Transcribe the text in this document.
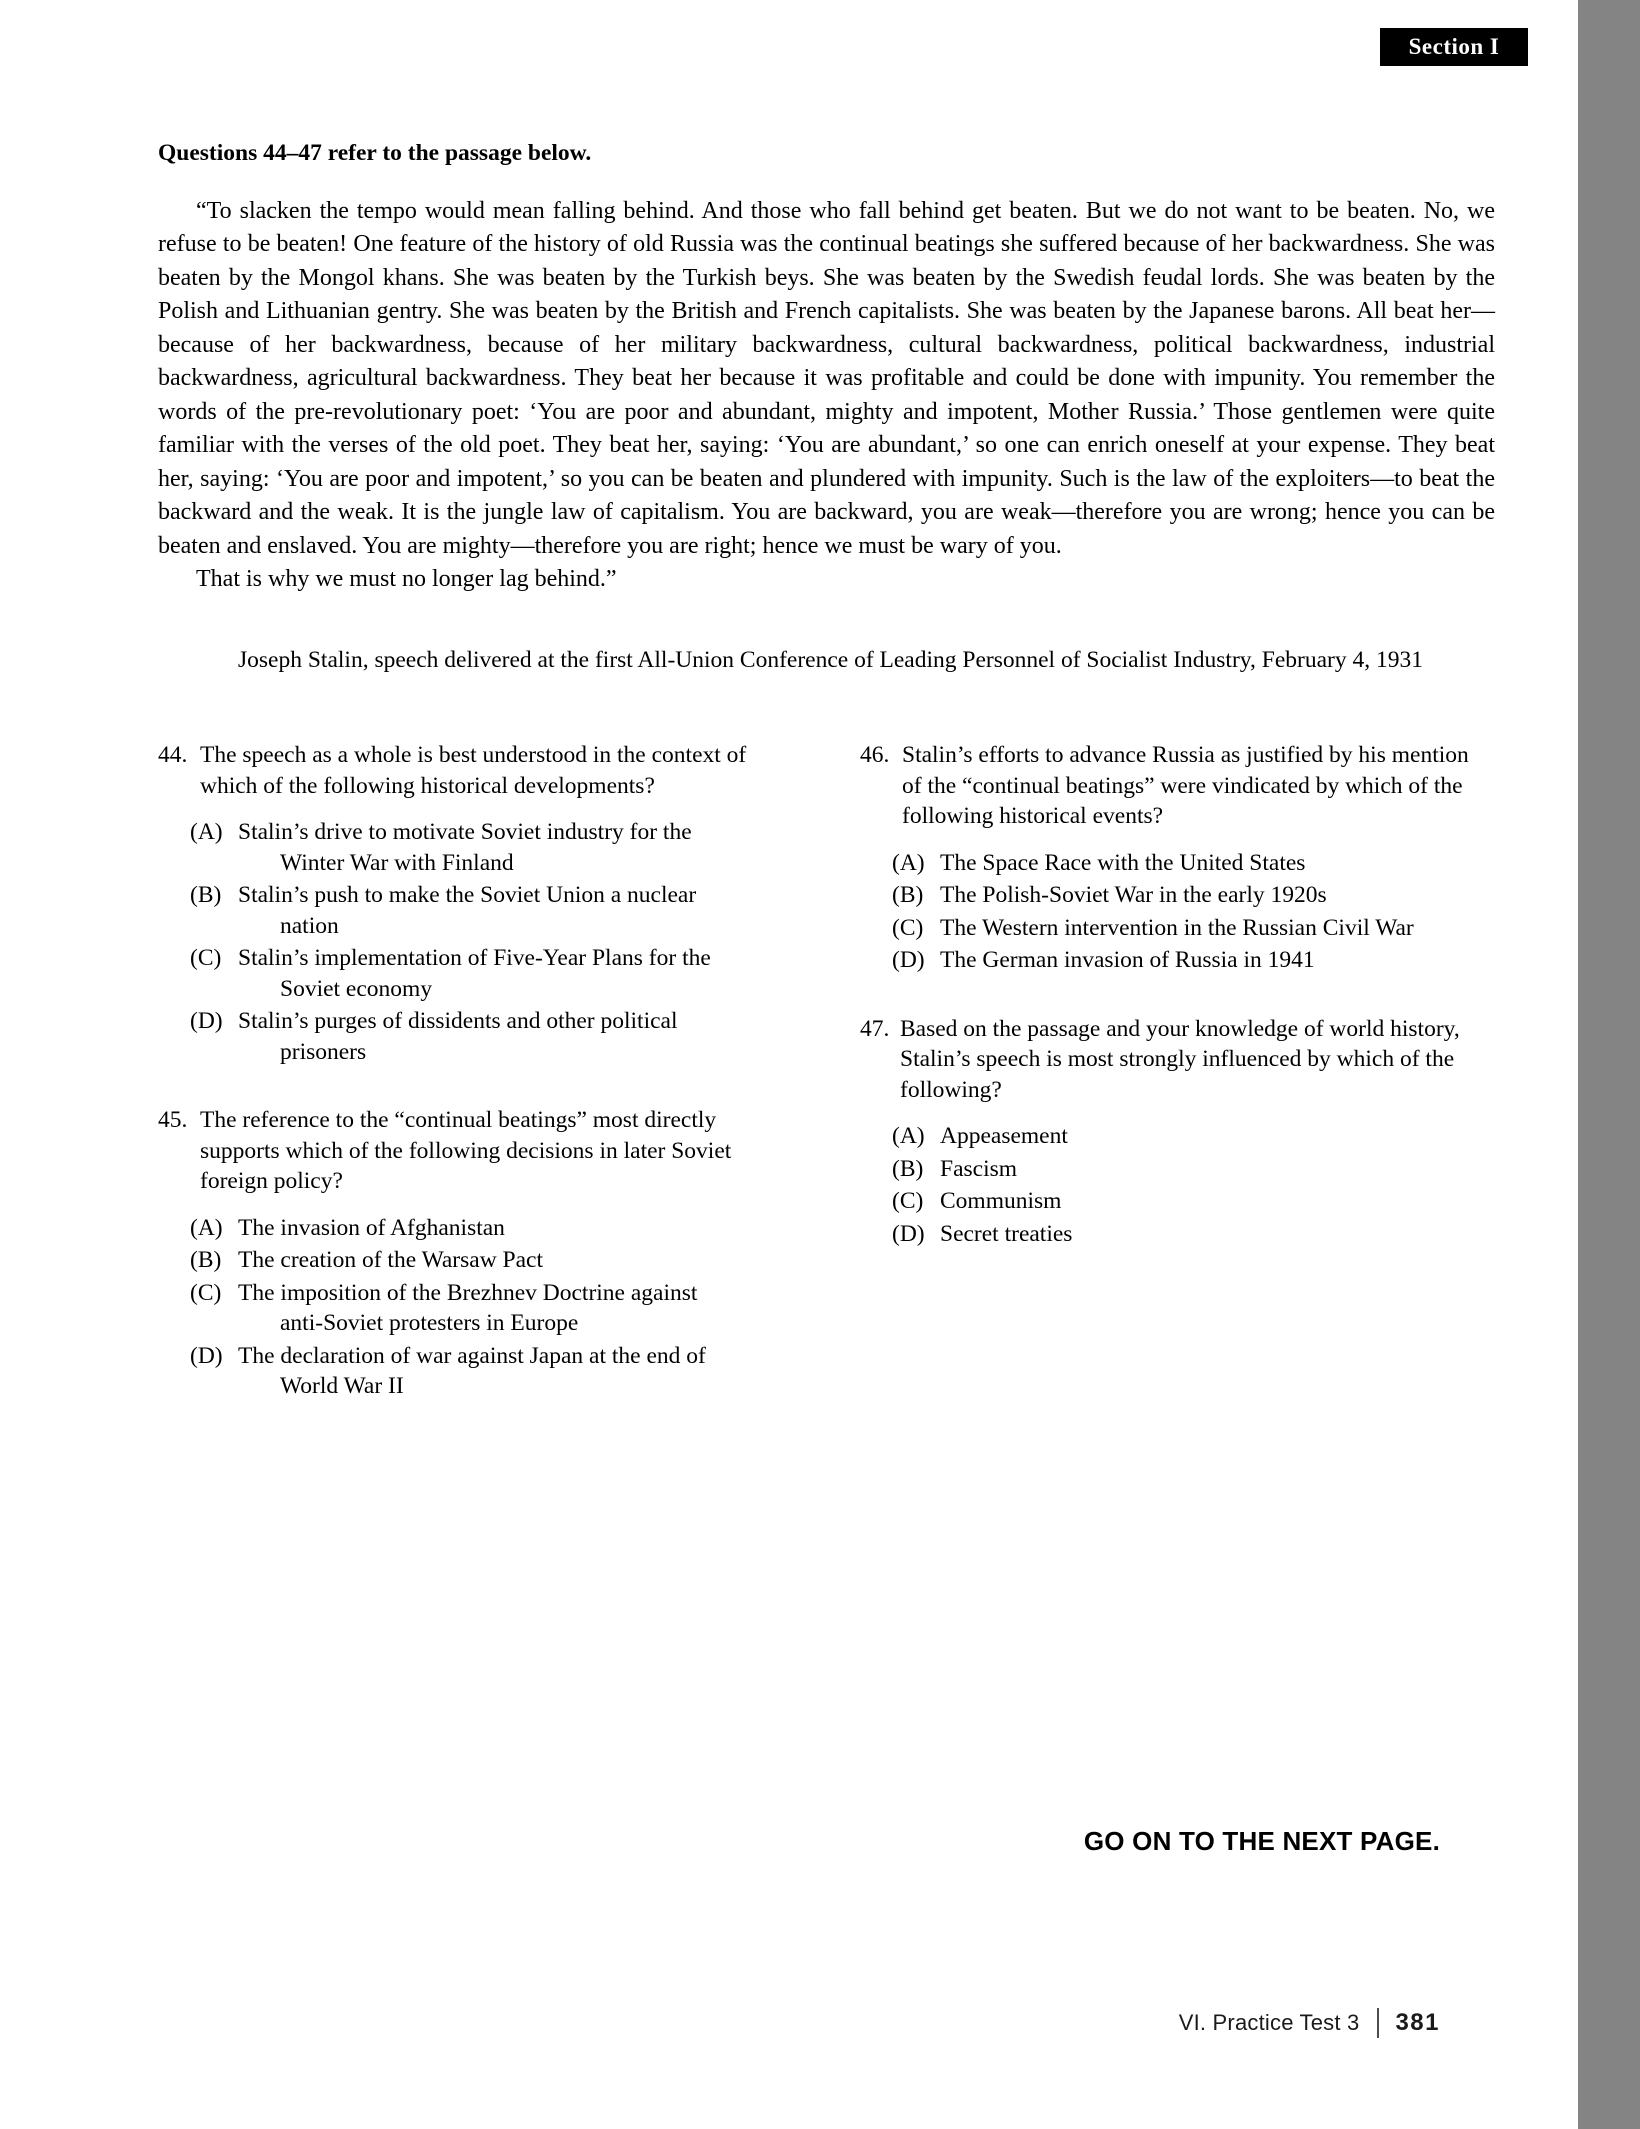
Section I
Questions 44–47 refer to the passage below.

“To slacken the tempo would mean falling behind. And those who fall behind get beaten. But we do not want to be beaten. No, we refuse to be beaten! One feature of the history of old Russia was the continual beatings she suffered because of her backwardness. She was beaten by the Mongol khans. She was beaten by the Turkish beys. She was beaten by the Swedish feudal lords. She was beaten by the Polish and Lithuanian gentry. She was beaten by the British and French capitalists. She was beaten by the Japanese barons. All beat her—because of her backwardness, because of her military backwardness, cultural backwardness, political backwardness, industrial backwardness, agricultural backwardness. They beat her because it was profitable and could be done with impunity. You remember the words of the pre-revolutionary poet: ‘You are poor and abundant, mighty and impotent, Mother Russia.’ Those gentlemen were quite familiar with the verses of the old poet. They beat her, saying: ‘You are abundant,’ so one can enrich oneself at your expense. They beat her, saying: ‘You are poor and impotent,’ so you can be beaten and plundered with impunity. Such is the law of the exploiters—to beat the backward and the weak. It is the jungle law of capitalism. You are backward, you are weak—therefore you are wrong; hence you can be beaten and enslaved. You are mighty—therefore you are right; hence we must be wary of you.

That is why we must no longer lag behind.”

Joseph Stalin, speech delivered at the first All-Union Conference of Leading Personnel of Socialist Industry, February 4, 1931
44. The speech as a whole is best understood in the context of which of the following historical developments?
(A) Stalin’s drive to motivate Soviet industry for the
Winter War with Finland
(B) Stalin’s push to make the Soviet Union a nuclear
nation
(C) Stalin’s implementation of Five-Year Plans for the
Soviet economy
(D) Stalin’s purges of dissidents and other political
prisoners
45. The reference to the “continual beatings” most directly supports which of the following decisions in later Soviet foreign policy?
(A) The invasion of Afghanistan
(B) The creation of the Warsaw Pact
(C) The imposition of the Brezhnev Doctrine against
anti-Soviet protesters in Europe
(D) The declaration of war against Japan at the end of
World War II
46. Stalin’s efforts to advance Russia as justified by his mention of the “continual beatings” were vindicated by which of the following historical events?
(A) The Space Race with the United States
(B) The Polish-Soviet War in the early 1920s
(C) The Western intervention in the Russian Civil War
(D) The German invasion of Russia in 1941
47. Based on the passage and your knowledge of world history, Stalin’s speech is most strongly influenced by which of the following?
(A) Appeasement
(B) Fascism
(C) Communism
(D) Secret treaties
GO ON TO THE NEXT PAGE.
VI. Practice Test 3 381
